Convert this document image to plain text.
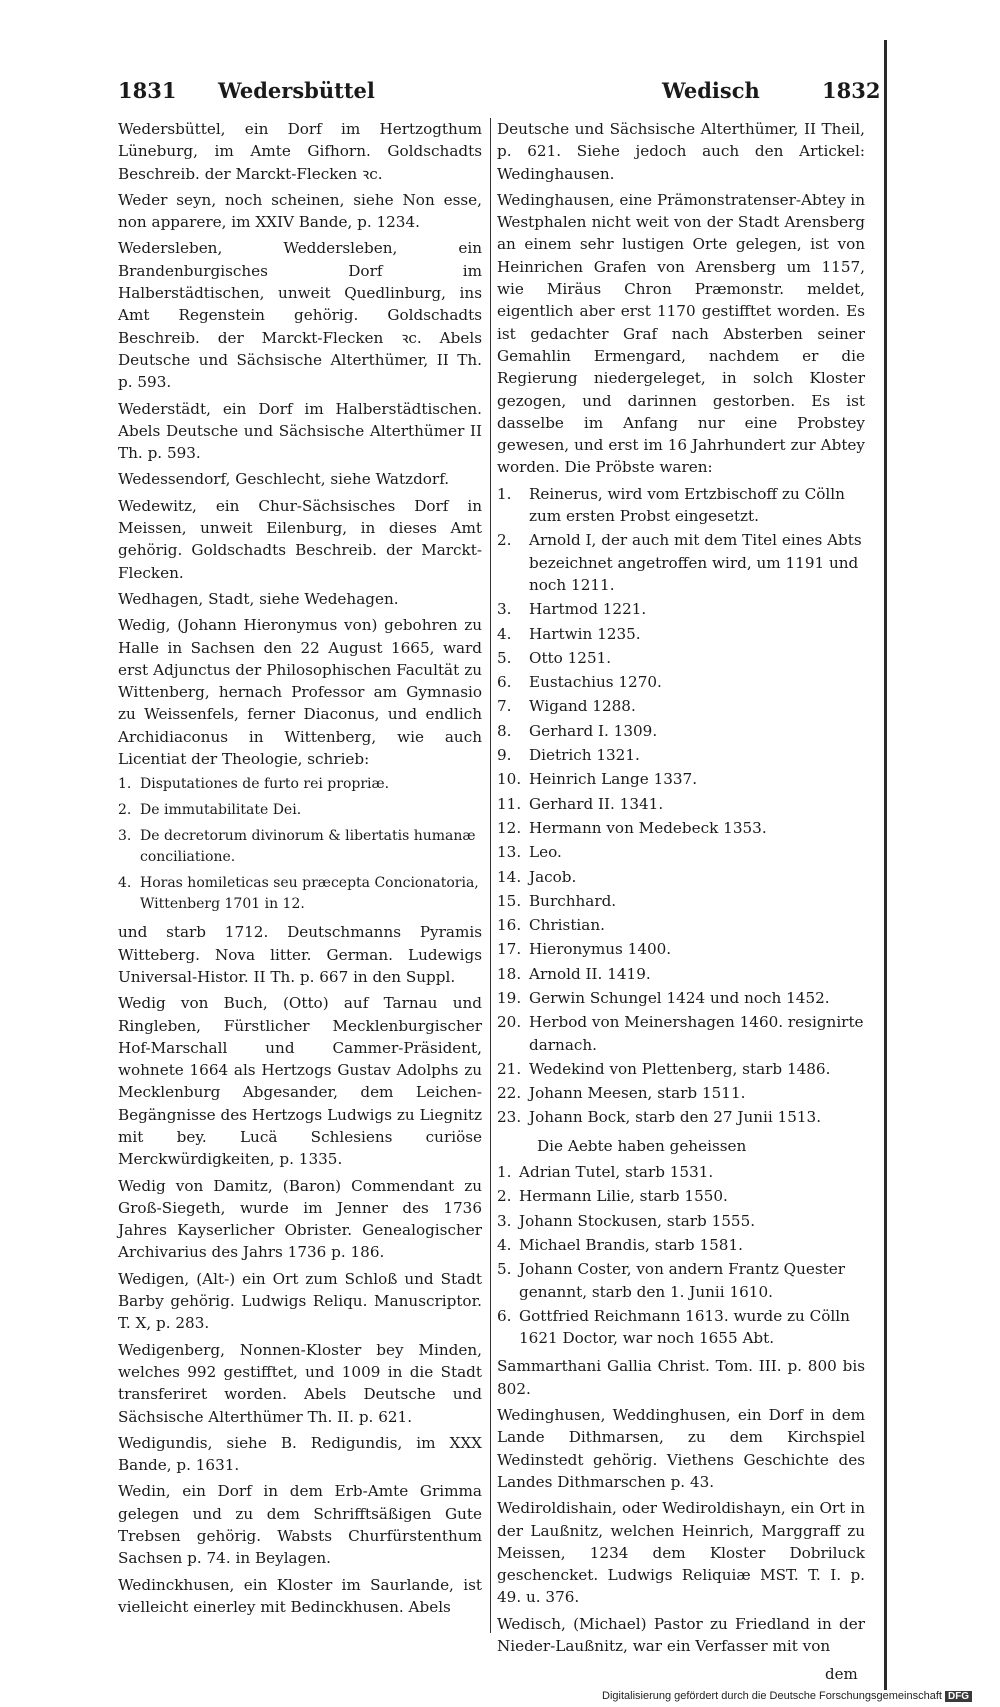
1831 Wedersbüttel	Wedisch	1832

Wedersbüttel, ein Dorf im Hertzogthum Lüneburg, im Amte Gifhorn. Goldschadts Beschreib. der Marckt-Flecken ꝛc.

Weder seyn, noch scheinen, siehe Non esse, non apparere, im XXIV Bande, p. 1234.

Wedersleben, Weddersleben, ein Brandenburgisches Dorf im Halberstädtischen, unweit Quedlinburg, ins Amt Regenstein gehörig. Goldschadts Beschreib. der Marckt-Flecken ꝛc. Abels Deutsche und Sächsische Alterthümer, II Th. p. 593.

Wederstädt, ein Dorf im Halberstädtischen. Abels Deutsche und Sächsische Alterthümer II Th. p. 593.

Wedessendorf, Geschlecht, siehe Watzdorf.

Wedewitz, ein Chur-Sächsisches Dorf in Meissen, unweit Eilenburg, in dieses Amt gehörig. Goldschadts Beschreib. der Marckt-Flecken.

Wedhagen, Stadt, siehe Wedehagen.

Wedig, (Johann Hieronymus von) gebohren zu Halle in Sachsen den 22 August 1665, ward erst Adjunctus der Philosophischen Facultät zu Wittenberg, hernach Professor am Gymnasio zu Weissenfels, ferner Diaconus, und endlich Archidiaconus in Wittenberg, wie auch Licentiat der Theologie, schrieb:

1. Disputationes de furto rei propriæ.
2. De immutabilitate Dei.
3. De decretorum divinorum & libertatis humanæ conciliatione.
4. Horas homileticas seu præcepta Concionatoria, Wittenberg 1701 in 12.

und starb 1712. Deutschmanns Pyramis Witteberg. Nova litter. German. Ludewigs Universal-Histor. II Th. p. 667 in den Suppl.

Wedig von Buch, (Otto) auf Tarnau und Ringleben, Fürstlicher Mecklenburgischer Hof-Marschall und Cammer-Präsident, wohnete 1664 als Hertzogs Gustav Adolphs zu Mecklenburg Abgesander, dem Leichen-Begängnisse des Hertzogs Ludwigs zu Liegnitz mit bey. Lucä Schlesiens curiöse Merckwürdigkeiten, p. 1335.

Wedig von Damitz, (Baron) Commendant zu Groß-Siegeth, wurde im Jenner des 1736 Jahres Kayserlicher Obrister. Genealogischer Archivarius des Jahrs 1736 p. 186.

Wedigen, (Alt-) ein Ort zum Schloß und Stadt Barby gehörig. Ludwigs Reliqu. Manuscriptor. T. X, p. 283.

Wedigenberg, Nonnen-Kloster bey Minden, welches 992 gestifftet, und 1009 in die Stadt transferiret worden. Abels Deutsche und Sächsische Alterthümer Th. II. p. 621.

Wedigundis, siehe B. Redigundis, im XXX Bande, p. 1631.

Wedin, ein Dorf in dem Erb-Amte Grimma gelegen und zu dem Schrifftsäßigen Gute Trebsen gehörig. Wabsts Churfürstenthum Sachsen p. 74. in Beylagen.

Wedinckhusen, ein Kloster im Saurlande, ist vielleicht einerley mit Bedinckhusen. Abels

Deutsche und Sächsische Alterthümer, II Theil, p. 621. Siehe jedoch auch den Artickel: Wedinghausen.

Wedinghausen, eine Prämonstratenser-Abtey in Westphalen nicht weit von der Stadt Arensberg an einem sehr lustigen Orte gelegen, ist von Heinrichen Grafen von Arensberg um 1157, wie Miräus Chron Præmonstr. meldet, eigentlich aber erst 1170 gestifftet worden. Es ist gedachter Graf nach Absterben seiner Gemahlin Ermengard, nachdem er die Regierung niedergeleget, in solch Kloster gezogen, und darinnen gestorben. Es ist dasselbe im Anfang nur eine Probstey gewesen, und erst im 16 Jahrhundert zur Abtey worden. Die Pröbste waren:

1. Reinerus, wird vom Ertzbischoff zu Cölln zum ersten Probst eingesetzt.
2. Arnold I, der auch mit dem Titel eines Abts bezeichnet angetroffen wird, um 1191 und noch 1211.
3. Hartmod 1221.
4. Hartwin 1235.
5. Otto 1251.
6. Eustachius 1270.
7. Wigand 1288.
8. Gerhard I. 1309.
9. Dietrich 1321.
10. Heinrich Lange 1337.
11. Gerhard II. 1341.
12. Hermann von Medebeck 1353.
13. Leo.
14. Jacob.
15. Burchhard.
16. Christian.
17. Hieronymus 1400.
18. Arnold II. 1419.
19. Gerwin Schungel 1424 und noch 1452.
20. Herbod von Meinershagen 1460. resignirte darnach.
21. Wedekind von Plettenberg, starb 1486.
22. Johann Meesen, starb 1511.
23. Johann Bock, starb den 27 Junii 1513.
Die Aebte haben geheissen
1. Adrian Tutel, starb 1531.
2. Hermann Lilie, starb 1550.
3. Johann Stockusen, starb 1555.
4. Michael Brandis, starb 1581.
5. Johann Coster, von andern Frantz Quester genannt, starb den 1. Junii 1610.
6. Gottfried Reichmann 1613. wurde zu Cölln 1621 Doctor, war noch 1655 Abt.

Sammarthani Gallia Christ. Tom. III. p. 800 bis 802.

Wedinghusen, Weddinghusen, ein Dorf in dem Lande Dithmarsen, zu dem Kirchspiel Wedinstedt gehörig. Viethens Geschichte des Landes Dithmarschen p. 43.

Wediroldishain, oder Wediroldishayn, ein Ort in der Laußnitz, welchen Heinrich, Marggraff zu Meissen, 1234 dem Kloster Dobriluck geschencket. Ludwigs Reliquiæ MST. T. I. p. 49. u. 376.

Wedisch, (Michael) Pastor zu Friedland in der Nieder-Laußnitz, war ein Verfasser mit von

dem
Digitalisierung gefördert durch die Deutsche Forschungsgemeinschaft DFG
